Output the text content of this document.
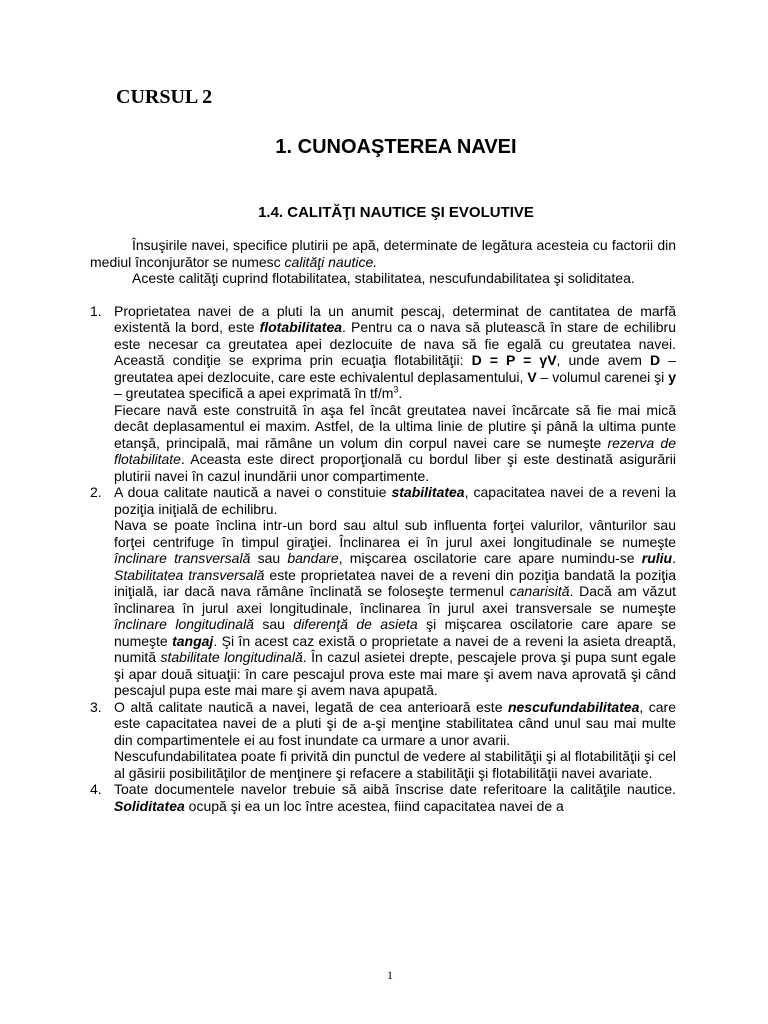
CURSUL 2
1. CUNOAŞTEREA NAVEI
1.4. CALITĂŢI NAUTICE ŞI EVOLUTIVE

Însuşirile navei, specifice plutirii pe apă, determinate de legătura acesteia cu factorii din mediul înconjurător se numesc calităţi nautice.

Aceste calităţi cuprind flotabilitatea, stabilitatea, nescufundabilitatea şi soliditatea.

1. Proprietatea navei de a pluti la un anumit pescaj, determinat de cantitatea de marfă existentă la bord, este flotabilitatea. Pentru ca o nava să plutească în stare de echilibru este necesar ca greutatea apei dezlocuite de nava să fie egală cu greutatea navei. Această condiţie se exprima prin ecuaţia flotabilităţii: D = P = γV, unde avem D – greutatea apei dezlocuite, care este echivalentul deplasamentului, V – volumul carenei şi y – greutatea specifică a apei exprimată în $tf/m^3$.

Fiecare navă este construită în aşa fel încât greutatea navei încărcate să fie mai mică decât deplasamentul ei maxim. Astfel, de la ultima linie de plutire şi până la ultima punte etanşă, principală, mai rămâne un volum din corpul navei care se numeşte rezerva de flotabilitate. Aceasta este direct proporţională cu bordul liber şi este destinată asigurării plutirii navei în cazul inundării unor compartimente.

2. A doua calitate nautică a navei o constituie stabilitatea, capacitatea navei de a reveni la poziţia iniţială de echilibru.

Nava se poate înclina intr-un bord sau altul sub influenta forţei valurilor, vânturilor sau forţei centrifuge în timpul giraţiei. Înclinarea ei în jurul axei longitudinale se numeşte înclinare transversală sau bandare, mişcarea oscilatorie care apare numindu-se ruliu. Stabilitatea transversală este proprietatea navei de a reveni din poziţia bandată la poziţia iniţială, iar dacă nava rămâne înclinată se foloseşte termenul canarisită. Dacă am văzut înclinarea în jurul axei longitudinale, înclinarea în jurul axei transversale se numeşte înclinare longitudinală sau diferenţă de asieta şi mişcarea oscilatorie care apare se numeşte tangaj. Şi în acest caz există o proprietate a navei de a reveni la asieta dreaptă, numită stabilitate longitudinală. În cazul asietei drepte, pescajele prova şi pupa sunt egale şi apar două situaţii: în care pescajul prova este mai mare şi avem nava aprovată şi când pescajul pupa este mai mare şi avem nava apupată.

3. O altă calitate nautică a navei, legată de cea anterioară este nescufundabilitatea, care este capacitatea navei de a pluti şi de a-şi menţine stabilitatea când unul sau mai multe din compartimentele ei au fost inundate ca urmare a unor avarii.

Nescufundabilitatea poate fi privită din punctul de vedere al stabilităţii şi al flotabilităţii şi cel al găsirii posibilităţilor de menţinere şi refacere a stabilităţii şi flotabilităţii navei avariate.

4. Toate documentele navelor trebuie să aibă înscrise date referitoare la calităţile nautice. Soliditatea ocupă şi ea un loc între acestea, fiind capacitatea navei de a

1
